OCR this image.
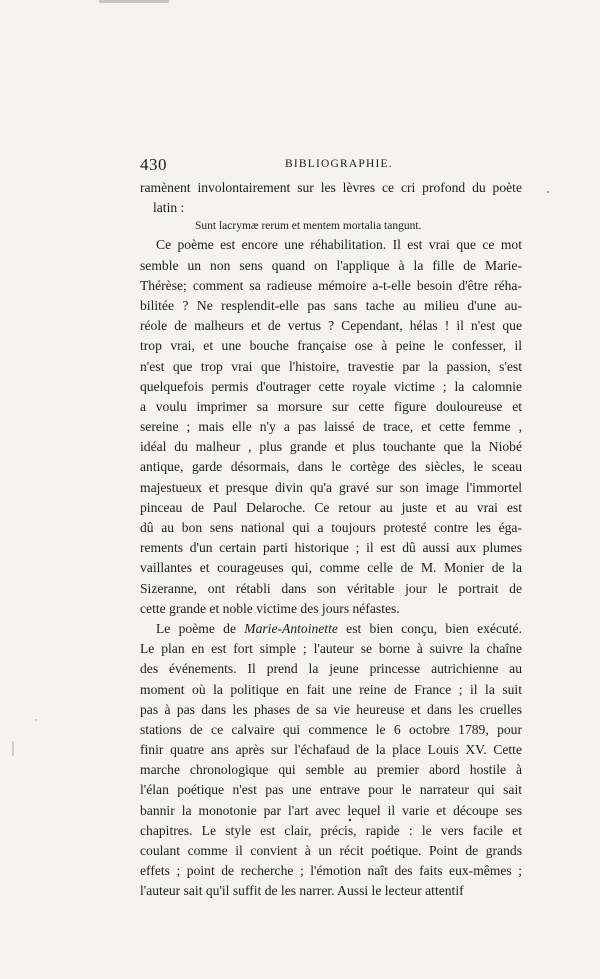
430	BIBLIOGRAPHIE.
ramènent involontairement sur les lèvres ce cri profond du poète
latin :
Sunt lacrymæ rerum et mentem mortalia tangunt.
Ce poème est encore une réhabilitation. Il est vrai que ce mot
semble un non sens quand on l'applique à la fille de Marie-
Thérèse; comment sa radieuse mémoire a-t-elle besoin d'être réha-
bilitée ? Ne resplendit-elle pas sans tache au milieu d'une au-
réole de malheurs et de vertus ? Cependant, hélas ! il n'est que
trop vrai, et une bouche française ose à peine le confesser, il
n'est que trop vrai que l'histoire, travestie par la passion, s'est
quelquefois permis d'outrager cette royale victime ; la calomnie
a voulu imprimer sa morsure sur cette figure douloureuse et
sereine ; mais elle n'y a pas laissé de trace, et cette femme ,
idéal du malheur , plus grande et plus touchante que la Niobé
antique, garde désormais, dans le cortège des siècles, le sceau
majestueux et presque divin qu'a gravé sur son image l'immortel
pinceau de Paul Delaroche. Ce retour au juste et au vrai est
dû au bon sens national qui a toujours protesté contre les éga-
rements d'un certain parti historique ; il est dû aussi aux plumes
vaillantes et courageuses qui, comme celle de M. Monier de la
Sizeranne, ont rétabli dans son véritable jour le portrait de
cette grande et noble victime des jours néfastes.
Le poème de Marie-Antoinette est bien conçu, bien exécuté.
Le plan en est fort simple ; l'auteur se borne à suivre la chaîne
des événements. Il prend la jeune princesse autrichienne au
moment où la politique en fait une reine de France ; il la suit
pas à pas dans les phases de sa vie heureuse et dans les cruelles
stations de ce calvaire qui commence le 6 octobre 1789, pour
finir quatre ans après sur l'échafaud de la place Louis XV. Cette
marche chronologique qui semble au premier abord hostile à
l'élan poétique n'est pas une entrave pour le narrateur qui sait
bannir la monotonie par l'art avec lequel il varie et découpe ses
chapitres. Le style est clair, précis, rapide : le vers facile et
coulant comme il convient à un récit poétique. Point de grands
effets ; point de recherche ; l'émotion naît des faits eux-mêmes ;
l'auteur sait qu'il suffit de les narrer. Aussi le lecteur attentif
